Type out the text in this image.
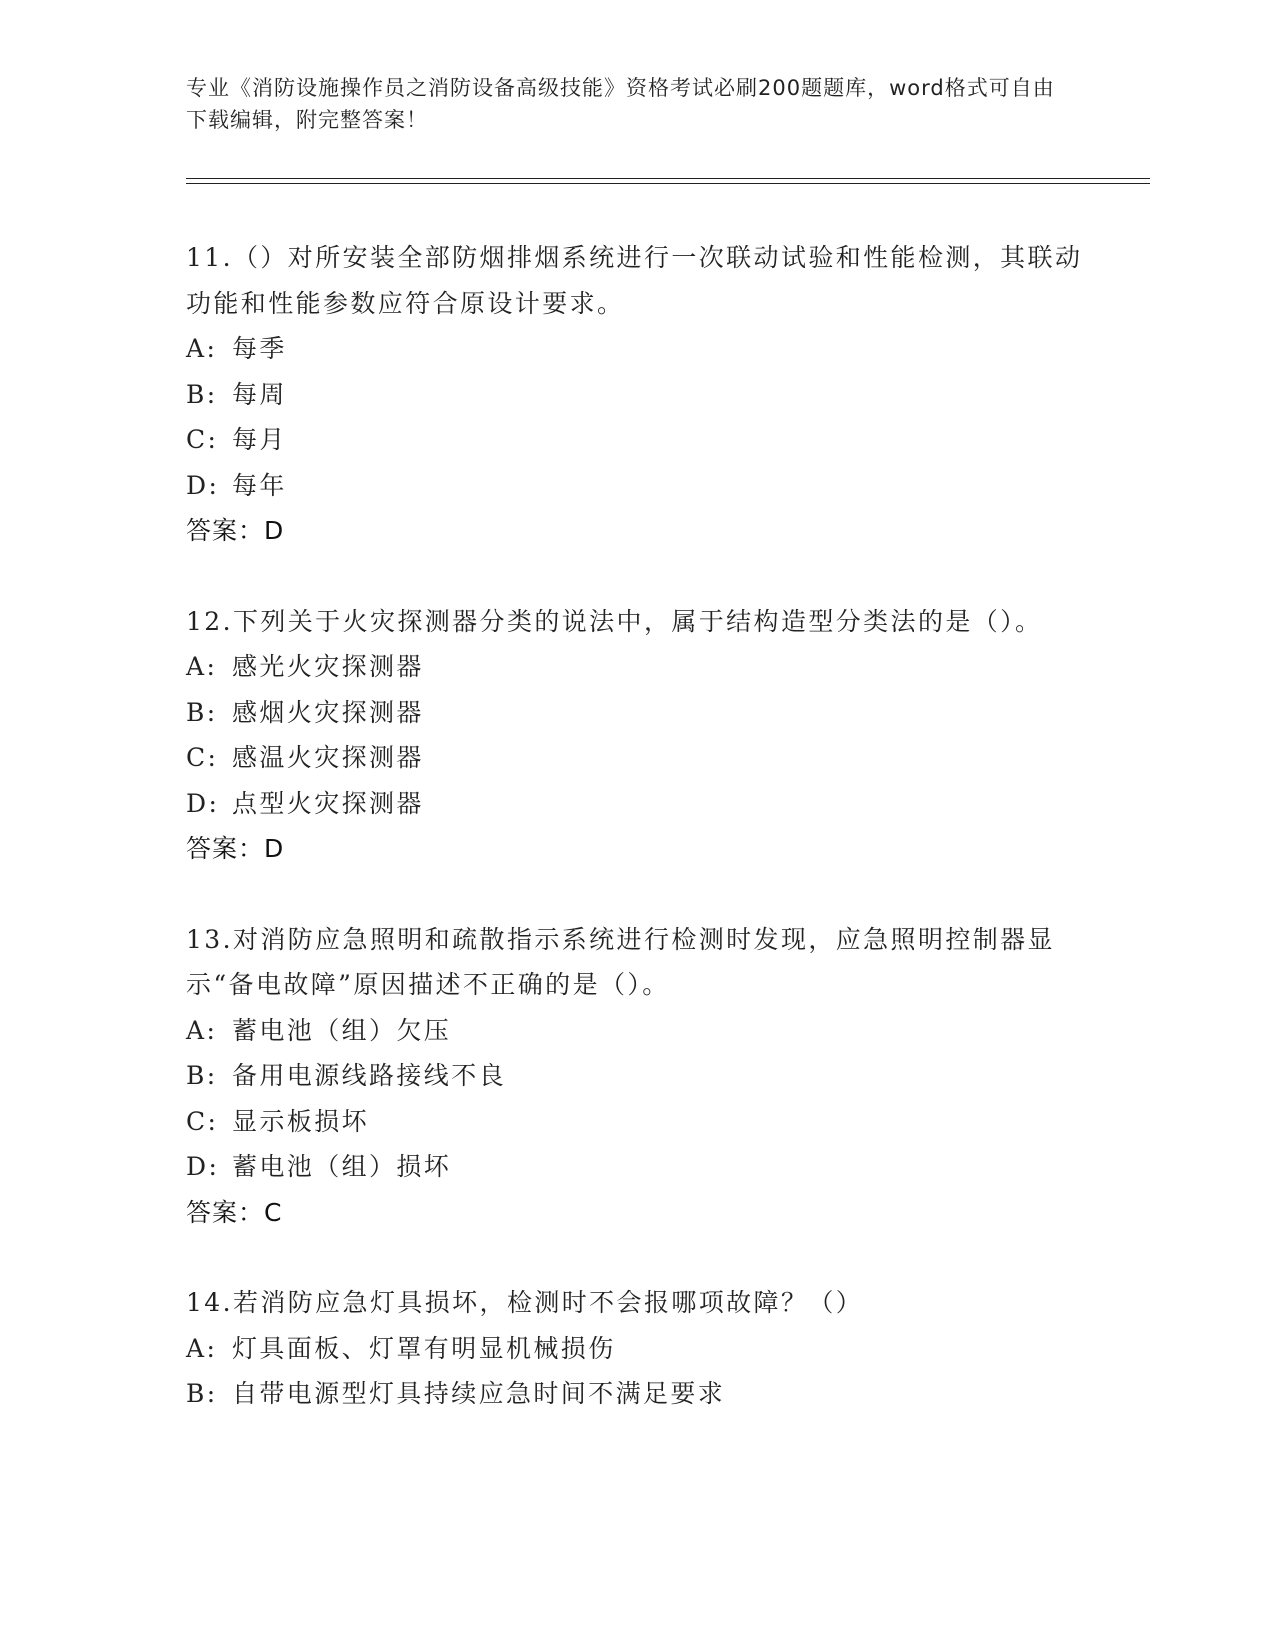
专业《消防设施操作员之消防设备高级技能》资格考试必刷200题题库，word格式可自由下载编辑，附完整答案！
11.（）对所安装全部防烟排烟系统进行一次联动试验和性能检测，其联动功能和性能参数应符合原设计要求。
A: 每季
B: 每周
C: 每月
D: 每年
答案：D
12.下列关于火灾探测器分类的说法中，属于结构造型分类法的是（）。
A: 感光火灾探测器
B: 感烟火灾探测器
C: 感温火灾探测器
D: 点型火灾探测器
答案：D
13.对消防应急照明和疏散指示系统进行检测时发现，应急照明控制器显示“备电故障”原因描述不正确的是（）。
A: 蓄电池（组）欠压
B: 备用电源线路接线不良
C: 显示板损坏
D: 蓄电池（组）损坏
答案：C
14.若消防应急灯具损坏，检测时不会报哪项故障？（）
A: 灯具面板、灯罩有明显机械损伤
B: 自带电源型灯具持续应急时间不满足要求
